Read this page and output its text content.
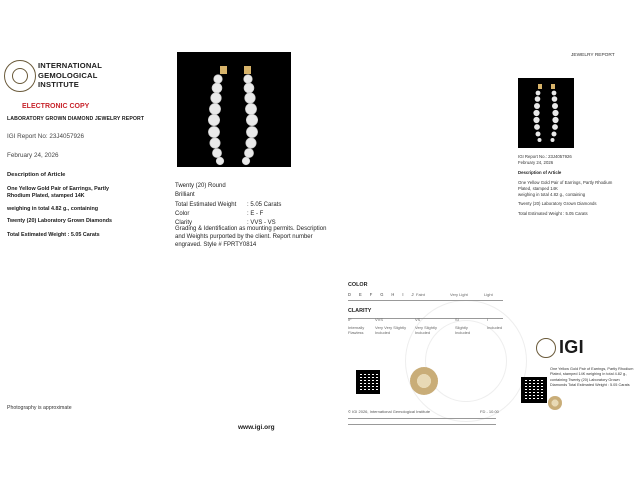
INTERNATIONAL
GEMOLOGICAL
INSTITUTE
ELECTRONIC COPY
LABORATORY GROWN DIAMOND JEWELRY REPORT
IGI Report No: 23J4057926
February 24, 2026
Description of Article
One Yellow Gold Pair of Earrings, Partly Rhodium Plated, stamped 14K
weighing in total 4.82 g., containing
Twenty (20) Laboratory Grown Diamonds
Total Estimated Weight : 5.05 Carats
Photography is approximate
Twenty (20) Round Brilliant
Total Estimated Weight	: 5.05 Carats
Color	: E - F
Clarity	: VVS - VS
Grading & Identification as mounting permits. Description and Weights purported by the client. Report number engraved. Style # FPRTY0814
www.igi.org
JEWELRY REPORT
IGI Report No.: 23J4057926
February 24, 2026
Description of Article
One Yellow Gold Pair of Earrings, Partly Rhodium Plated, stamped 14K
weighing in total 4.82 g., containing
Twenty (20) Laboratory Grown Diamonds
Total Estimated Weight : 5.05 Carats
COLOR
D E F G H I J Faint	Very Light	Light
CLARITY
IF	VVS	VS	SI	I
Internally Flawless
Very Very Slightly Included
Very Slightly Included
Slightly Included
Included
© IGI 2026, International Gemological Institute	FD - 10.00
IGI
One Yellow Gold Pair of Earrings, Partly Rhodium Plated, stamped 14K weighing in total 4.82 g., containing Twenty (20) Laboratory Grown Diamonds Total Estimated Weight : 5.05 Carats
